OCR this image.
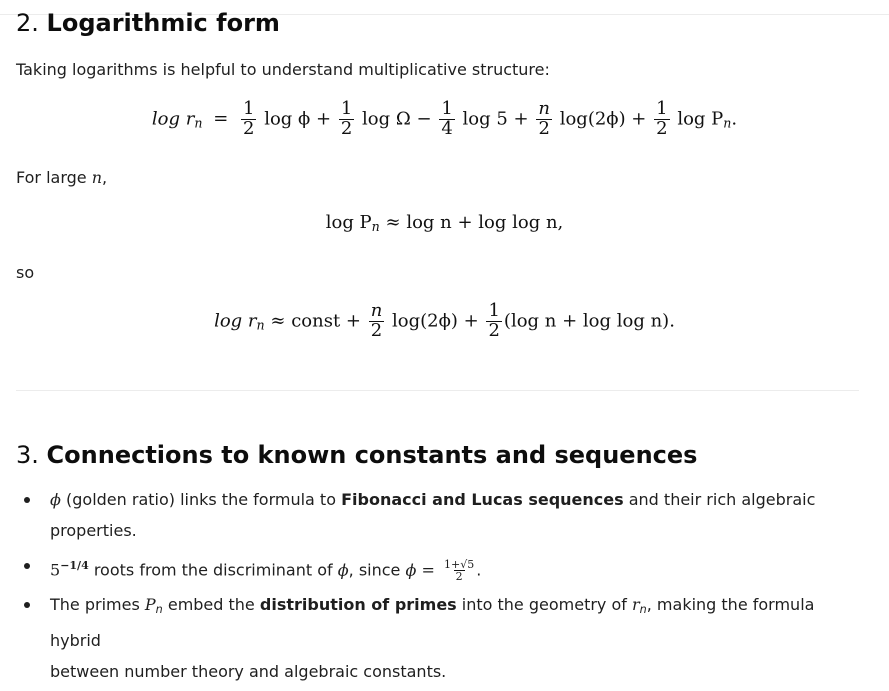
2. Logarithmic form
Taking logarithms is helpful to understand multiplicative structure:
$\log r_n = \frac{1}{2}$ $\log \phi + \frac{1}{2}$ $\log \Omega - \frac{1}{4}$ $\log 5 + \frac{n}{2} \log(2\phi) + \frac{1}{2}$ $\log P_n$.
For large n,
$\log P_n \approx \log n + \log \log n$,
so
$\log r_n$ ≈ const + $\frac{n}{2} \log(2\phi) + \frac{1}{2} (\log$ n + log log n).
3. Connections to known constants and sequences
ϕ (golden ratio) links the formula to Fibonacci and Lucas sequences and their rich algebraic
properties.
$5^{-1/4}$ roots from the discriminant of ϕ, since $\phi = \frac{1+√5}{2}$ .
The primes $P_n$ embed the distribution of primes into the geometry of $r_n$, making the formula hybrid
between number theory and algebraic constants.
